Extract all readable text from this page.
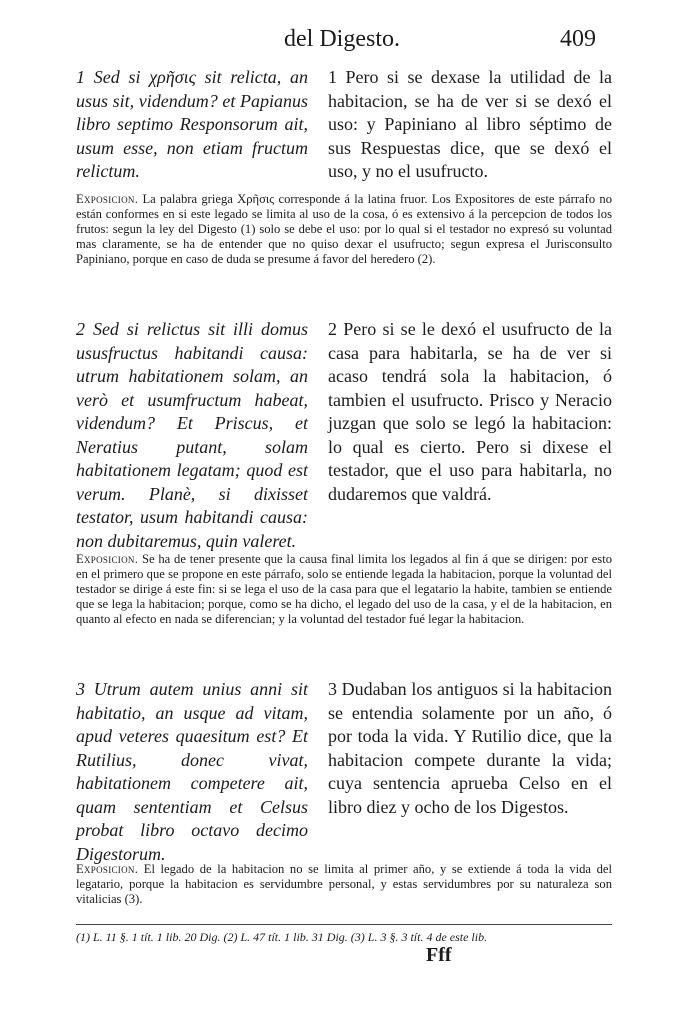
del Digesto.	409
1 Sed si χρῆσις sit relicta, an usus sit, videndum? et Papianus libro septimo Responsorum ait, usum esse, non etiam fructum relictum.
1 Pero si se dexase la utilidad de la habitacion, se ha de ver si se dexó el uso: y Papiniano al libro séptimo de sus Respuestas dice, que se dexó el uso, y no el usufructo.
Exposicion. La palabra griega Χρῆσις corresponde á la latina fruor. Los Expositores de este párrafo no están conformes en si este legado se limita al uso de la cosa, ó es extensivo á la percepcion de todos los frutos: segun la ley del Digesto (1) solo se debe el uso: por lo qual si el testador no expresó su voluntad mas claramente, se ha de entender que no quiso dexar el usufructo; segun expresa el Jurisconsulto Papiniano, porque en caso de duda se presume á favor del heredero (2).
2 Sed si relictus sit illi domus ususfructus habitandi causa: utrum habitationem solam, an verò et usumfructum habeat, videndum? Et Priscus, et Neratius putant, solam habitationem legatam; quod est verum. Planè, si dixisset testator, usum habitandi causa: non dubitaremus, quin valeret.
2 Pero si se le dexó el usufructo de la casa para habitarla, se ha de ver si acaso tendrá sola la habitacion, ó tambien el usufructo. Prisco y Neracio juzgan que solo se legó la habitacion: lo qual es cierto. Pero si dixese el testador, que el uso para habitarla, no dudaremos que valdrá.
Exposicion. Se ha de tener presente que la causa final limita los legados al fin á que se dirigen: por esto en el primero que se propone en este párrafo, solo se entiende legada la habitacion, porque la voluntad del testador se dirige á este fin: si se lega el uso de la casa para que el legatario la habite, tambien se entiende que se lega la habitacion; porque, como se ha dicho, el legado del uso de la casa, y el de la habitacion, en quanto al efecto en nada se diferencian; y la voluntad del testador fué legar la habitacion.
3 Utrum autem unius anni sit habitatio, an usque ad vitam, apud veteres quaesitum est? Et Rutilius, donec vivat, habitationem competere ait, quam sententiam et Celsus probat libro octavo decimo Digestorum.
3 Dudaban los antiguos si la habitacion se entendia solamente por un año, ó por toda la vida. Y Rutilio dice, que la habitacion compete durante la vida; cuya sentencia aprueba Celso en el libro diez y ocho de los Digestos.
Exposicion. El legado de la habitacion no se limita al primer año, y se extiende á toda la vida del legatario, porque la habitacion es servidumbre personal, y estas servidumbres por su naturaleza son vitalicias (3).
(1) L. 11 §. 1 tít. 1 lib. 20 Dig. (2) L. 47 tít. 1 lib. 31 Dig. (3) L. 3 §. 3 tít. 4 de este lib.
Fff
